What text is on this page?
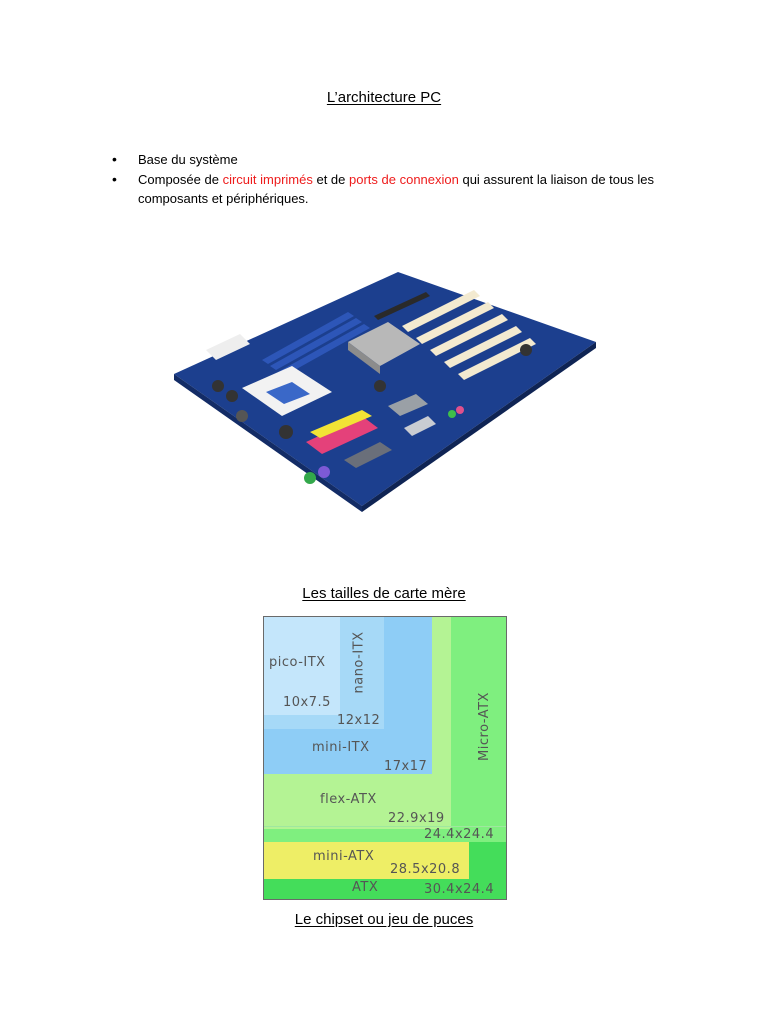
L’architecture PC
• Base du système
• Composée de circuit imprimés et de ports de connexion qui assurent la liaison de tous les composants et périphériques.
Les tailles de carte mère
pico-ITX
10x7.5
nano-ITX
12x12
mini-ITX
17x17
Micro-ATX
flex-ATX
22.9x19
24.4x24.4
mini-ATX
28.5x20.8
ATX	30.4x24.4
Le chipset ou jeu de puces
